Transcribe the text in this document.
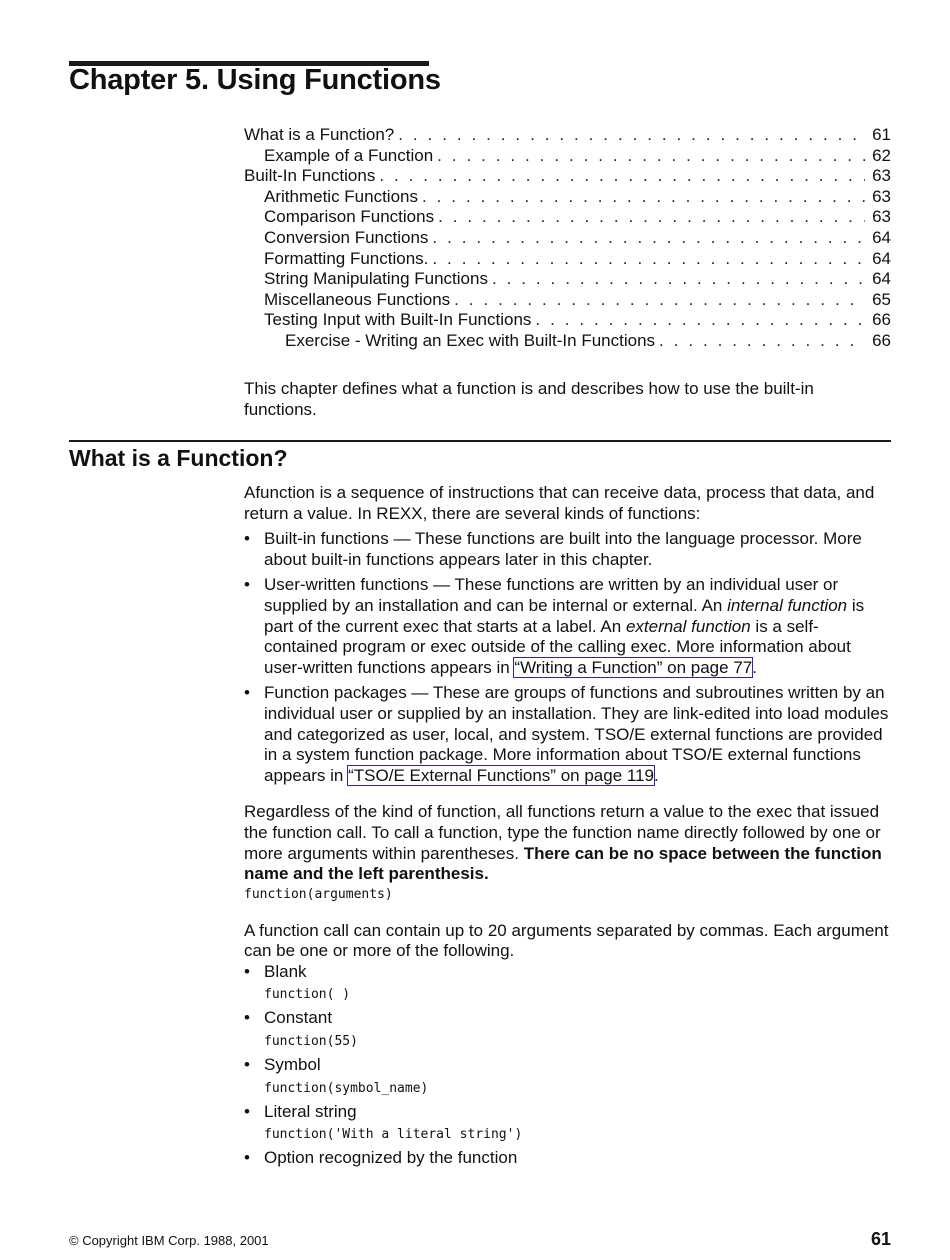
Chapter 5. Using Functions
What is a Function? . . .	61
Example of a Function . . .	62
Built-In Functions . . .	63
Arithmetic Functions . . .	63
Comparison Functions . . .	63
Conversion Functions . . .	64
Formatting Functions. . . .	64
String Manipulating Functions . . .	64
Miscellaneous Functions . . .	65
Testing Input with Built-In Functions . . .	66
Exercise - Writing an Exec with Built-In Functions . . .	66

This chapter defines what a function is and describes how to use the built-in functions.

What is a Function?

Afunction is a sequence of instructions that can receive data, process that data, and return a value. In REXX, there are several kinds of functions:

• Built-in functions — These functions are built into the language processor. More about built-in functions appears later in this chapter.
• User-written functions — These functions are written by an individual user or supplied by an installation and can be internal or external. An internal function is part of the current exec that starts at a label. An external function is a self-contained program or exec outside of the calling exec. More information about user-written functions appears in “Writing a Function” on page 77.
• Function packages — These are groups of functions and subroutines written by an individual user or supplied by an installation. They are link-edited into load modules and categorized as user, local, and system. TSO/E external functions are provided in a system function package. More information about TSO/E external functions appears in “TSO/E External Functions” on page 119.

Regardless of the kind of function, all functions return a value to the exec that issued the function call. To call a function, type the function name directly followed by one or more arguments within parentheses. There can be no space between the function name and the left parenthesis.

function(arguments)

A function call can contain up to 20 arguments separated by commas. Each argument can be one or more of the following.

• Blank

function( )

• Constant

function(55)

• Symbol

function(symbol_name)

• Literal string

function('With a literal string')

• Option recognized by the function
© Copyright IBM Corp. 1988, 2001	61
